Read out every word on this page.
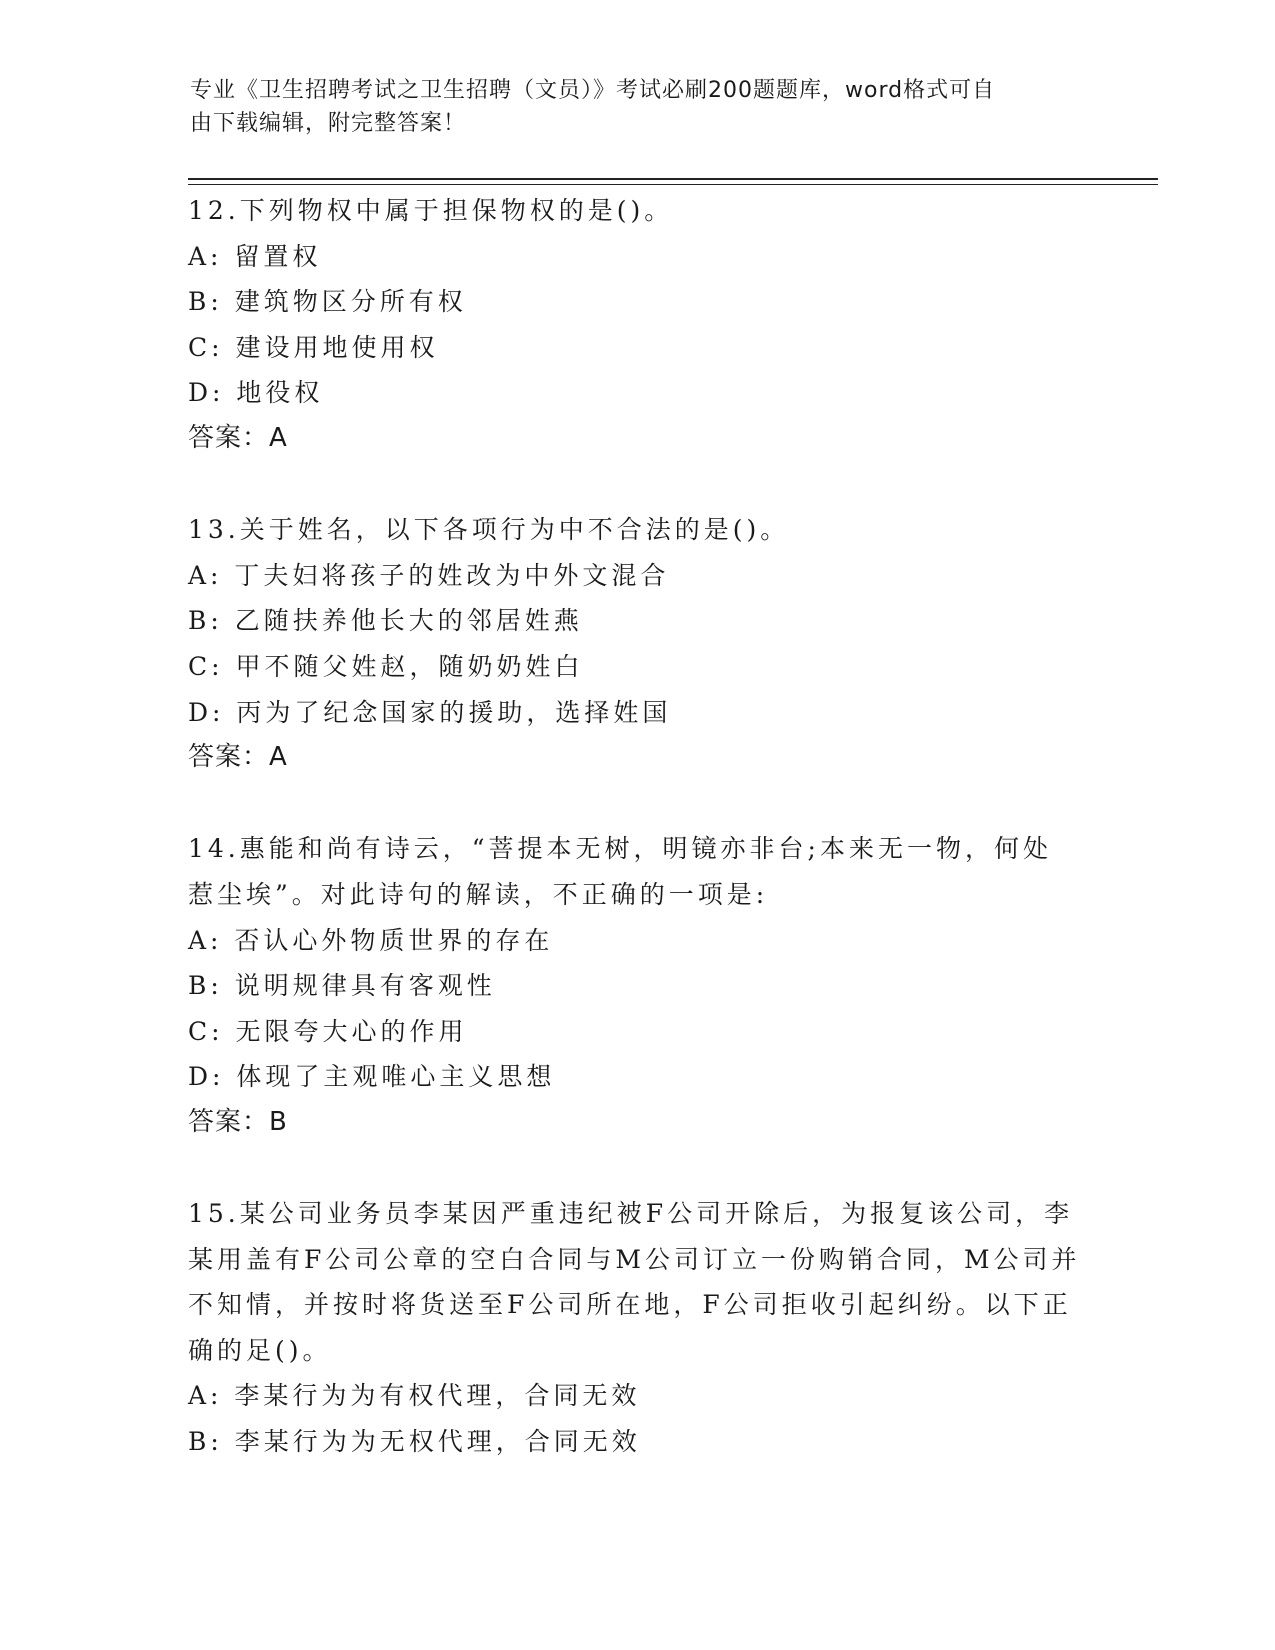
专业《卫生招聘考试之卫生招聘（文员）》考试必刷200题题库，word格式可自
由下载编辑，附完整答案！
12.下列物权中属于担保物权的是()。
A: 留置权
B: 建筑物区分所有权
C: 建设用地使用权
D: 地役权
答案：A
13.关于姓名，以下各项行为中不合法的是()。
A: 丁夫妇将孩子的姓改为中外文混合
B: 乙随扶养他长大的邻居姓燕
C: 甲不随父姓赵，随奶奶姓白
D: 丙为了纪念国家的援助，选择姓国
答案：A
14.惠能和尚有诗云，“菩提本无树，明镜亦非台;本来无一物，何处
惹尘埃”。对此诗句的解读，不正确的一项是:
A: 否认心外物质世界的存在
B: 说明规律具有客观性
C: 无限夸大心的作用
D: 体现了主观唯心主义思想
答案：B
15.某公司业务员李某因严重违纪被F公司开除后，为报复该公司，李
某用盖有F公司公章的空白合同与M公司订立一份购销合同，M公司并
不知情，并按时将货送至F公司所在地，F公司拒收引起纠纷。以下正
确的足()。
A: 李某行为为有权代理，合同无效
B: 李某行为为无权代理，合同无效
